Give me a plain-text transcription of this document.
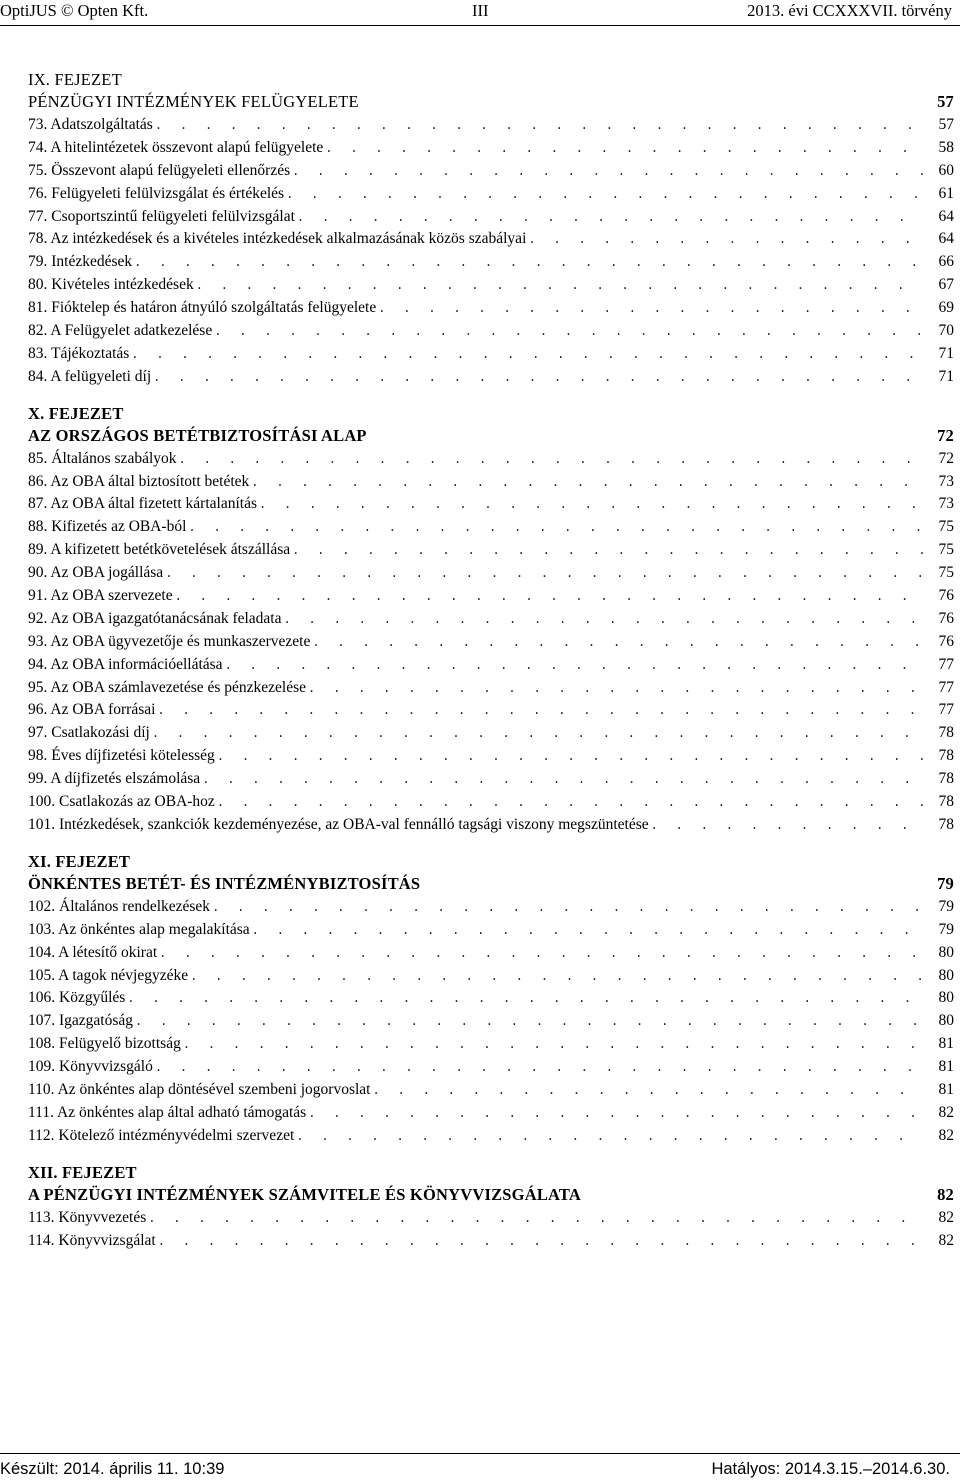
OptiJUS © Opten Kft.	III	2013. évi CCXXXVII. törvény
IX. FEJEZET
PÉNZÜGYI INTÉZMÉNYEK FELÜGYELETE	57
73. Adatszolgáltatás . . .	57
74. A hitelintézetek összevont alapú felügyelete . . .	58
75. Összevont alapú felügyeleti ellenőrzés . . .	60
76. Felügyeleti felülvizsgálat és értékelés . . .	61
77. Csoportszintű felügyeleti felülvizsgálat . . .	64
78. Az intézkedések és a kivételes intézkedések alkalmazásának közös szabályai . . .	64
79. Intézkedések . . .	66
80. Kivételes intézkedések . . .	67
81. Fióktelep és határon átnyúló szolgáltatás felügyelete . . .	69
82. A Felügyelet adatkezelése . . .	70
83. Tájékoztatás . . .	71
84. A felügyeleti díj . . .	71
X. FEJEZET
AZ ORSZÁGOS BETÉTBIZTOSÍTÁSI ALAP	72
85. Általános szabályok . . .	72
86. Az OBA által biztosított betétek . . .	73
87. Az OBA által fizetett kártalanítás . . .	73
88. Kifizetés az OBA-ból . . .	75
89. A kifizetett betétkövetelések átszállása . . .	75
90. Az OBA jogállása . . .	75
91. Az OBA szervezete . . .	76
92. Az OBA igazgatótanácsának feladata . . .	76
93. Az OBA ügyvezetője és munkaszervezete . . .	76
94. Az OBA információellátása . . .	77
95. Az OBA számlavezetése és pénzkezelése . . .	77
96. Az OBA forrásai . . .	77
97. Csatlakozási díj . . .	78
98. Éves díjfizetési kötelesség . . .	78
99. A díjfizetés elszámolása . . .	78
100. Csatlakozás az OBA-hoz . . .	78
101. Intézkedések, szankciók kezdeményezése, az OBA-val fennálló tagsági viszony megszüntetése . . .	78
XI. FEJEZET
ÖNKÉNTES BETÉT- ÉS INTÉZMÉNYBIZTOSÍTÁS	79
102. Általános rendelkezések . . .	79
103. Az önkéntes alap megalakítása . . .	79
104. A létesítő okirat . . .	80
105. A tagok névjegyzéke . . .	80
106. Közgyűlés . . .	80
107. Igazgatóság . . .	80
108. Felügyelő bizottság . . .	81
109. Könyvvizsgáló . . .	81
110. Az önkéntes alap döntésével szembeni jogorvoslat . . .	81
111. Az önkéntes alap által adható támogatás . . .	82
112. Kötelező intézményvédelmi szervezet . . .	82
XII. FEJEZET
A PÉNZÜGYI INTÉZMÉNYEK SZÁMVITELE ÉS KÖNYVVIZSGÁLATA	82
113. Könyvvezetés . . .	82
114. Könyvvizsgálat . . .	82
Készült: 2014. április 11. 10:39	Hatályos: 2014.3.15.‒2014.6.30.
